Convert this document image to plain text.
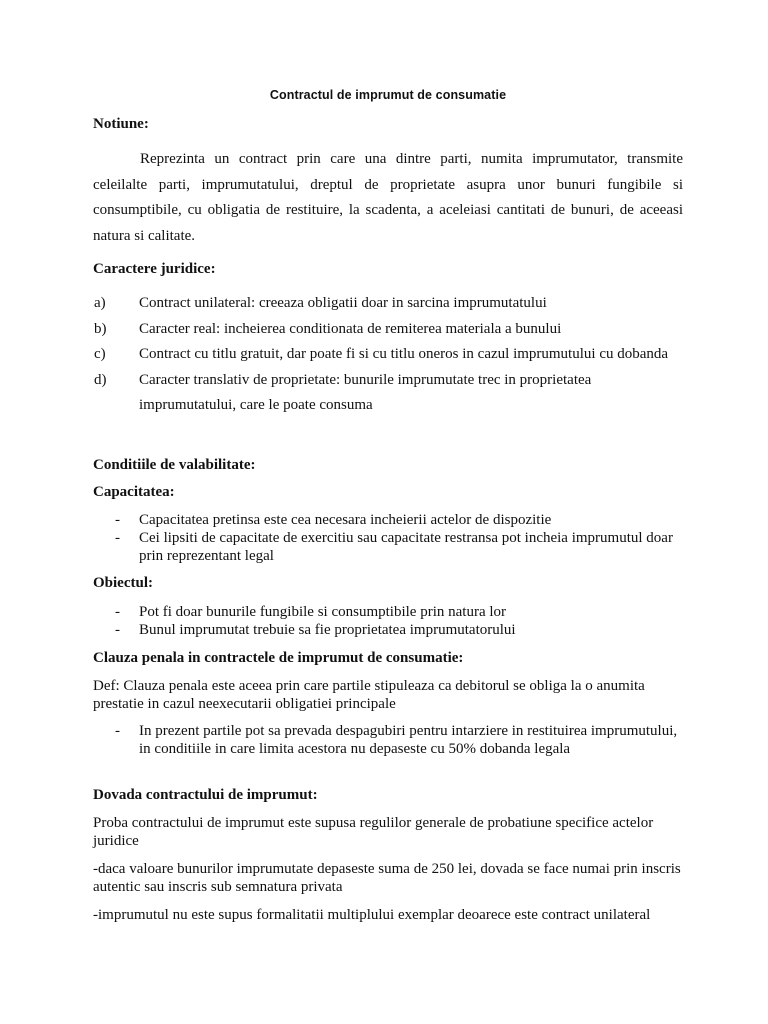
Contractul de imprumut de consumatie
Notiune:
Reprezinta un contract prin care una dintre parti, numita imprumutator, transmite celeilalte parti, imprumutatului, dreptul de proprietate asupra unor bunuri fungibile si consumptibile, cu obligatia de restituire, la scadenta, a aceleiasi cantitati de bunuri, de aceeasi natura si calitate.
Caractere juridice:
a)	Contract unilateral: creeaza obligatii doar in sarcina imprumutatului
b)	Caracter real: incheierea conditionata de remiterea materiala a bunului
c)	Contract cu titlu gratuit, dar poate fi si cu titlu oneros in cazul imprumutului cu dobanda
d)	Caracter translativ de proprietate: bunurile imprumutate trec in proprietatea imprumutatului, care le poate consuma
Conditiile de valabilitate:
Capacitatea:
-	Capacitatea pretinsa este cea necesara incheierii actelor de dispozitie
-	Cei lipsiti de capacitate de exercitiu sau capacitate restransa pot incheia imprumutul doar prin reprezentant legal
Obiectul:
-	Pot fi doar bunurile fungibile si consumptibile prin natura lor
-	Bunul imprumutat trebuie sa fie proprietatea imprumutatorului
Clauza penala in contractele de imprumut de consumatie:
Def: Clauza penala este aceea prin care partile stipuleaza ca debitorul se obliga la o anumita prestatie in cazul neexecutarii obligatiei principale
-	In prezent partile pot sa prevada despagubiri pentru intarziere in restituirea imprumutului, in conditiile in care limita acestora nu depaseste cu 50% dobanda legala
Dovada contractului de imprumut:
Proba contractului de imprumut este supusa regulilor generale de probatiune specifice actelor juridice
-daca valoare bunurilor imprumutate depaseste suma de 250 lei, dovada se face numai prin inscris autentic sau inscris sub semnatura privata
-imprumutul nu este supus formalitatii multiplului exemplar deoarece este contract unilateral
